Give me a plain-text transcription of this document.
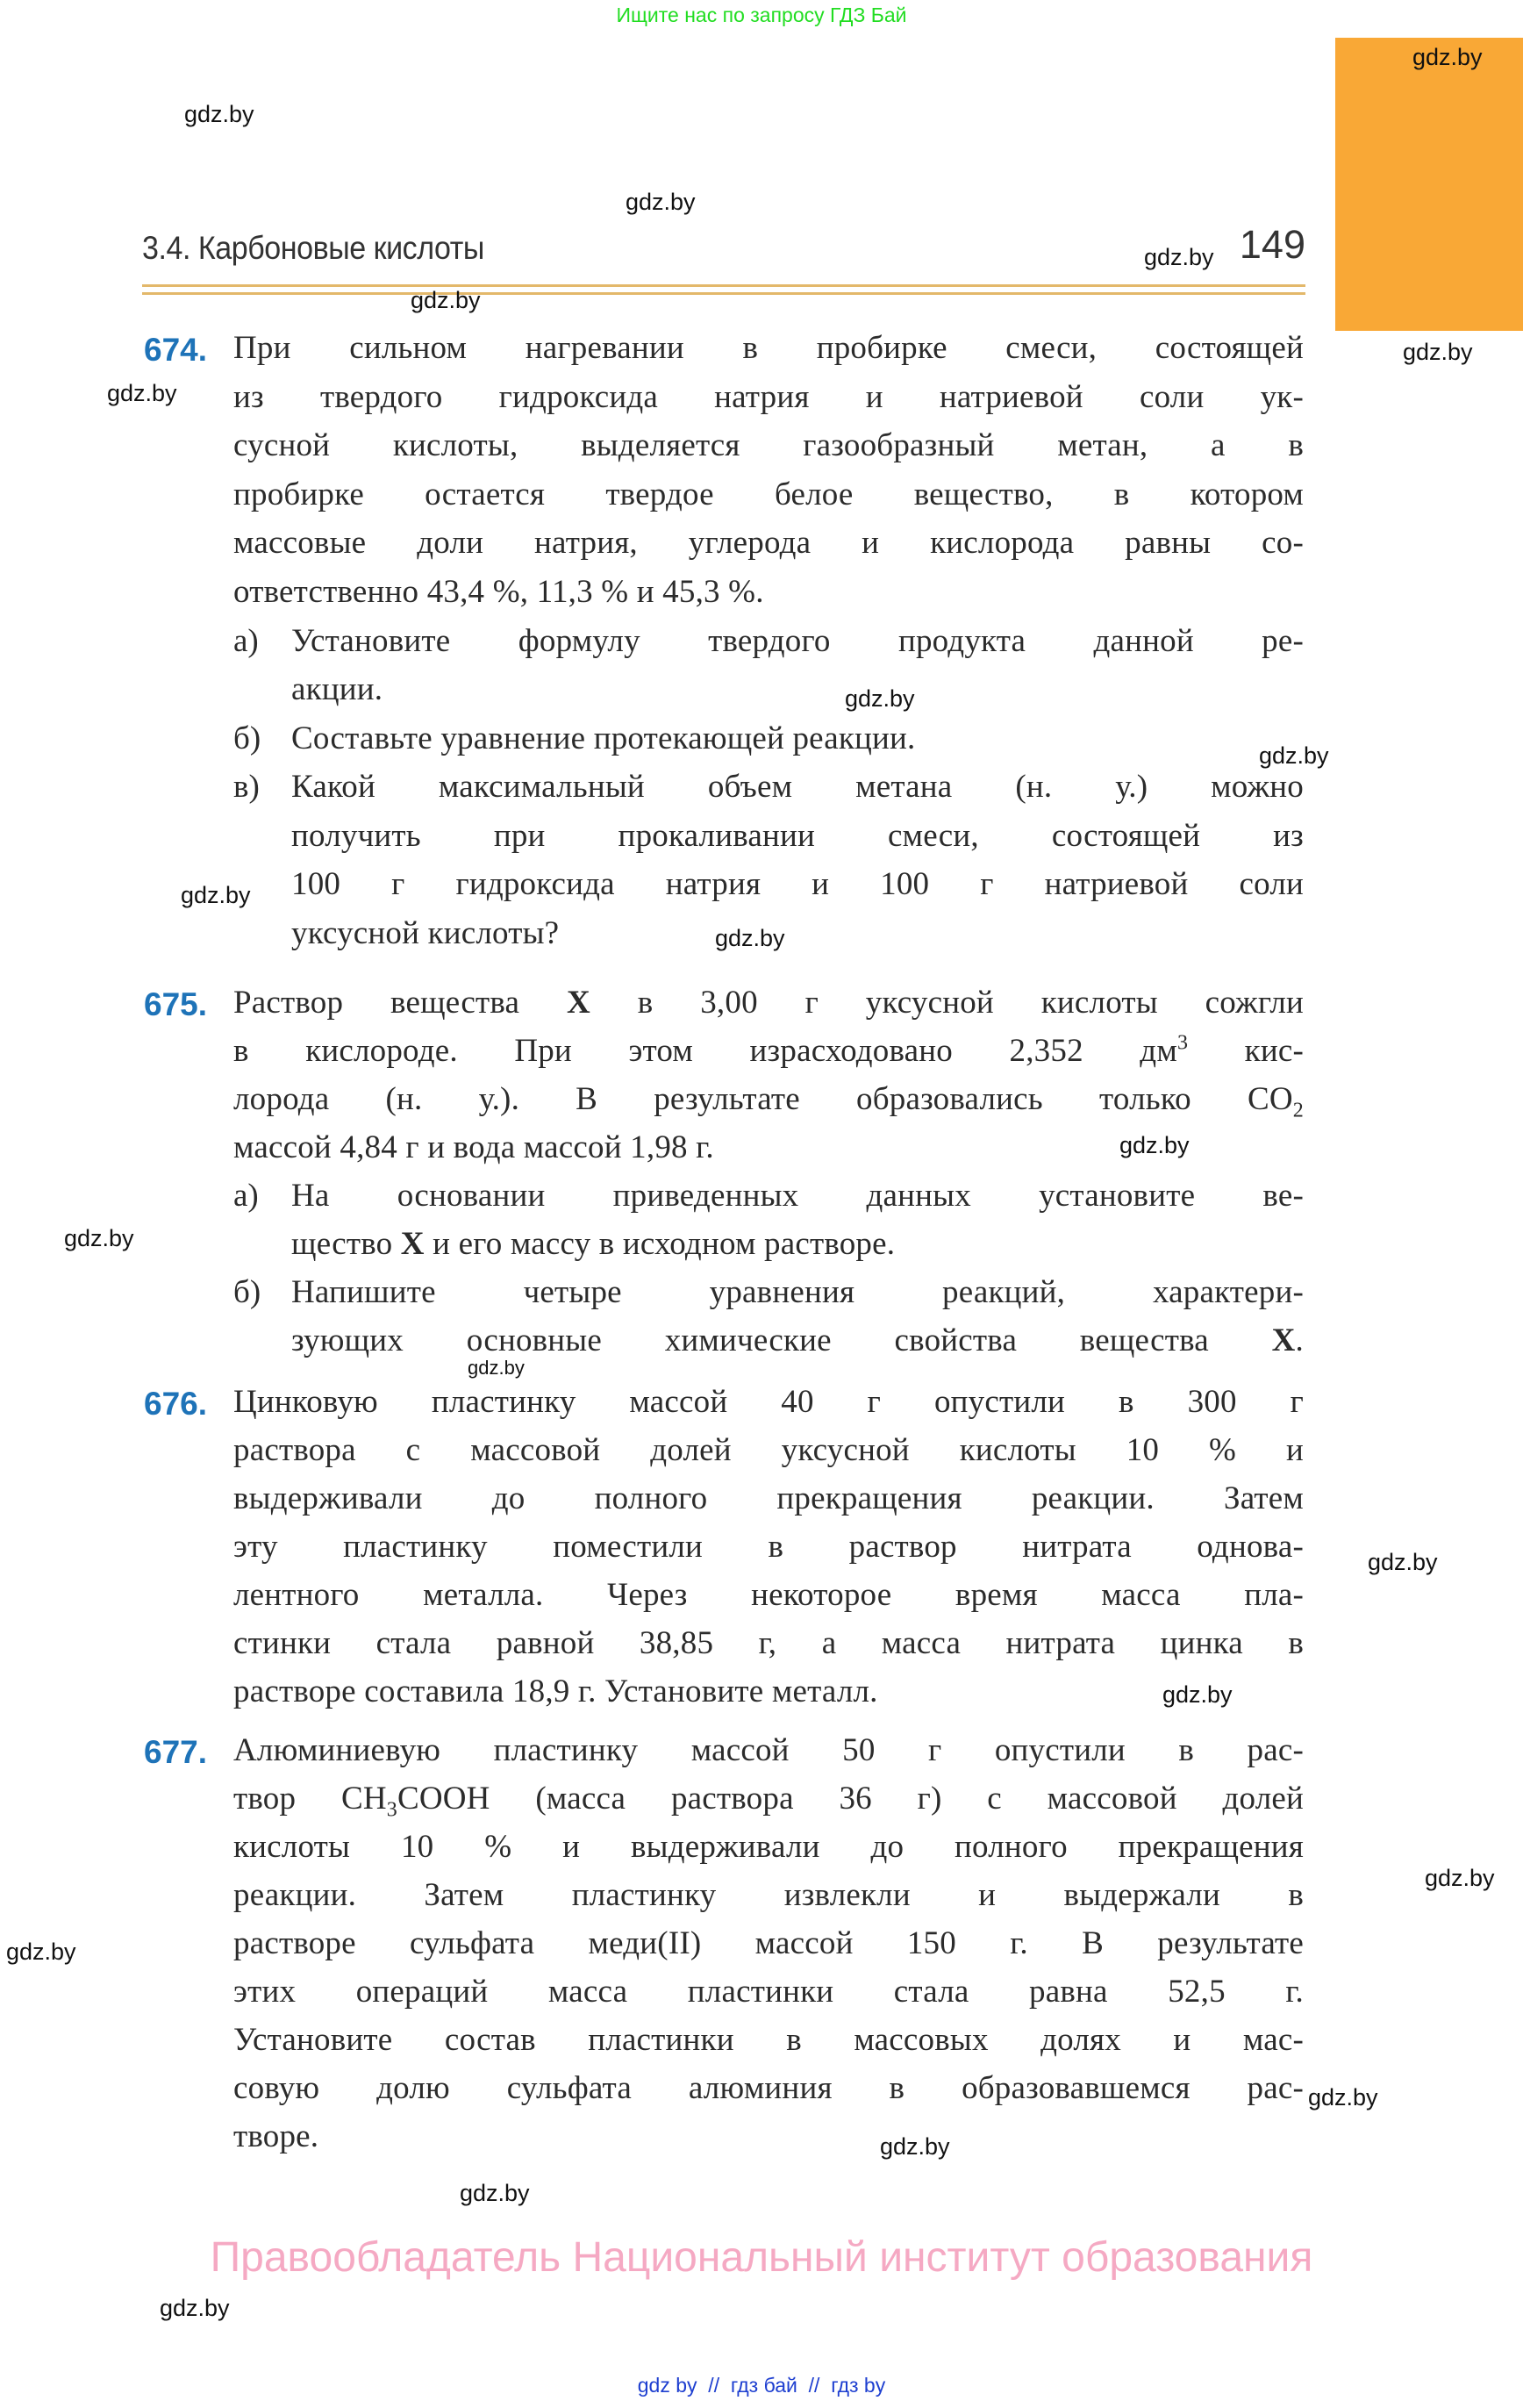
Ищите нас по запросу ГДЗ Бай
3.4. Карбоновые кислоты	149
674. При сильном нагревании в пробирке смеси, состоящей
из твердого гидроксида натрия и натриевой соли ук-
сусной кислоты, выделяется газообразный метан, а в
пробирке остается твердое белое вещество, в котором
массовые доли натрия, углерода и кислорода равны со-
ответственно 43,4 %, 11,3 % и 45,3 %.
а) Установите формулу твердого продукта данной ре-
акции.
б) Составьте уравнение протекающей реакции.
в) Какой максимальный объем метана (н. у.) можно
получить при прокаливании смеси, состоящей из
100 г гидроксида натрия и 100 г натриевой соли
уксусной кислоты?
675. Раствор вещества X в 3,00 г уксусной кислоты сожгли
в кислороде. При этом израсходовано 2,352 $дм^3$ кис-
лорода (н. у.). В результате образовались только $CO_2$
массой 4,84 г и вода массой 1,98 г.
а) На основании приведенных данных установите ве-
щество X и его массу в исходном растворе.
б) Напишите четыре уравнения реакций, характери-
зующих основные химические свойства вещества X.
676. Цинковую пластинку массой 40 г опустили в 300 г
раствора с массовой долей уксусной кислоты 10 % и
выдерживали до полного прекращения реакции. Затем
эту пластинку поместили в раствор нитрата однова-
лентного металла. Через некоторое время масса пла-
стинки стала равной 38,85 г, а масса нитрата цинка в
растворе составила 18,9 г. Установите металл.
677. Алюминиевую пластинку массой 50 г опустили в рас-
твор $CH_3COOH$ (масса раствора 36 г) с массовой долей
кислоты 10 % и выдерживали до полного прекращения
реакции. Затем пластинку извлекли и выдержали в
растворе сульфата меди(II) массой 150 г. В результате
этих операций масса пластинки стала равна 52,5 г.
Установите состав пластинки в массовых долях и мас-
совую долю сульфата алюминия в образовавшемся рас-
творе.
gdz.by
gdz.by
gdz.by
gdz.by
gdz.by
gdz.by
gdz.by
gdz.by
gdz.by
gdz.by
gdz.by
gdz.by
gdz.by
gdz.by
gdz.by
gdz.by
gdz.by
gdz.by
gdz.by
gdz.by
gdz.by
gdz.by
Правообладатель Национальный институт образования
gdz by  //  гдз бай  //  гдз by
